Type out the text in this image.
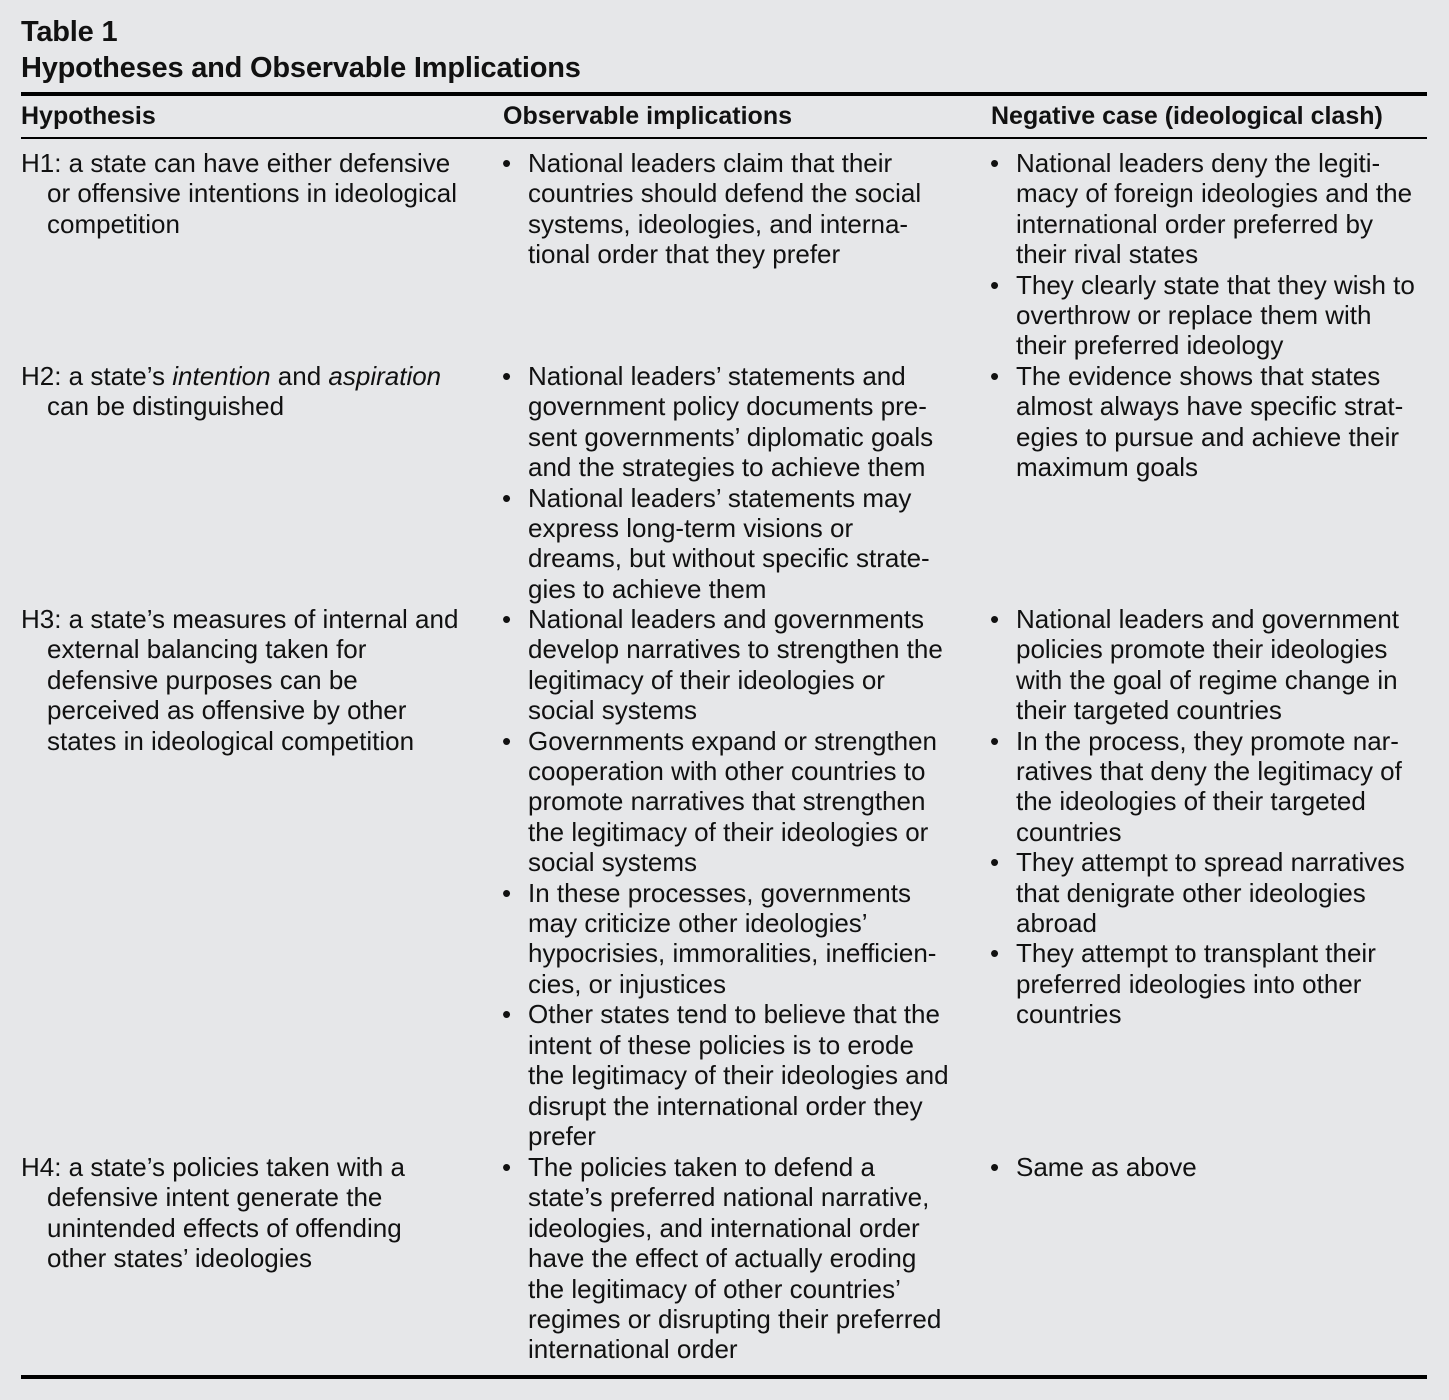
Table 1
Hypotheses and Observable Implications
Hypothesis	Observable implications	Negative case (ideological clash)
H1: a state can have either defensive
or offensive intentions in ideological
competition
• National leaders claim that their
countries should defend the social
systems, ideologies, and interna-
tional order that they prefer
• National leaders deny the legiti-
macy of foreign ideologies and the
international order preferred by
their rival states
• They clearly state that they wish to
overthrow or replace them with
their preferred ideology
H2: a state’s intention and aspiration
can be distinguished
• National leaders’ statements and
government policy documents pre-
sent governments’ diplomatic goals
and the strategies to achieve them
• National leaders’ statements may
express long-term visions or
dreams, but without specific strate-
gies to achieve them
• The evidence shows that states
almost always have specific strat-
egies to pursue and achieve their
maximum goals
H3: a state’s measures of internal and
external balancing taken for
defensive purposes can be
perceived as offensive by other
states in ideological competition
• National leaders and governments
develop narratives to strengthen the
legitimacy of their ideologies or
social systems
• Governments expand or strengthen
cooperation with other countries to
promote narratives that strengthen
the legitimacy of their ideologies or
social systems
• In these processes, governments
may criticize other ideologies’
hypocrisies, immoralities, inefficien-
cies, or injustices
• Other states tend to believe that the
intent of these policies is to erode
the legitimacy of their ideologies and
disrupt the international order they
prefer
• National leaders and government
policies promote their ideologies
with the goal of regime change in
their targeted countries
• In the process, they promote nar-
ratives that deny the legitimacy of
the ideologies of their targeted
countries
• They attempt to spread narratives
that denigrate other ideologies
abroad
• They attempt to transplant their
preferred ideologies into other
countries
H4: a state’s policies taken with a
defensive intent generate the
unintended effects of offending
other states’ ideologies
• The policies taken to defend a
state’s preferred national narrative,
ideologies, and international order
have the effect of actually eroding
the legitimacy of other countries’
regimes or disrupting their preferred
international order
• Same as above
